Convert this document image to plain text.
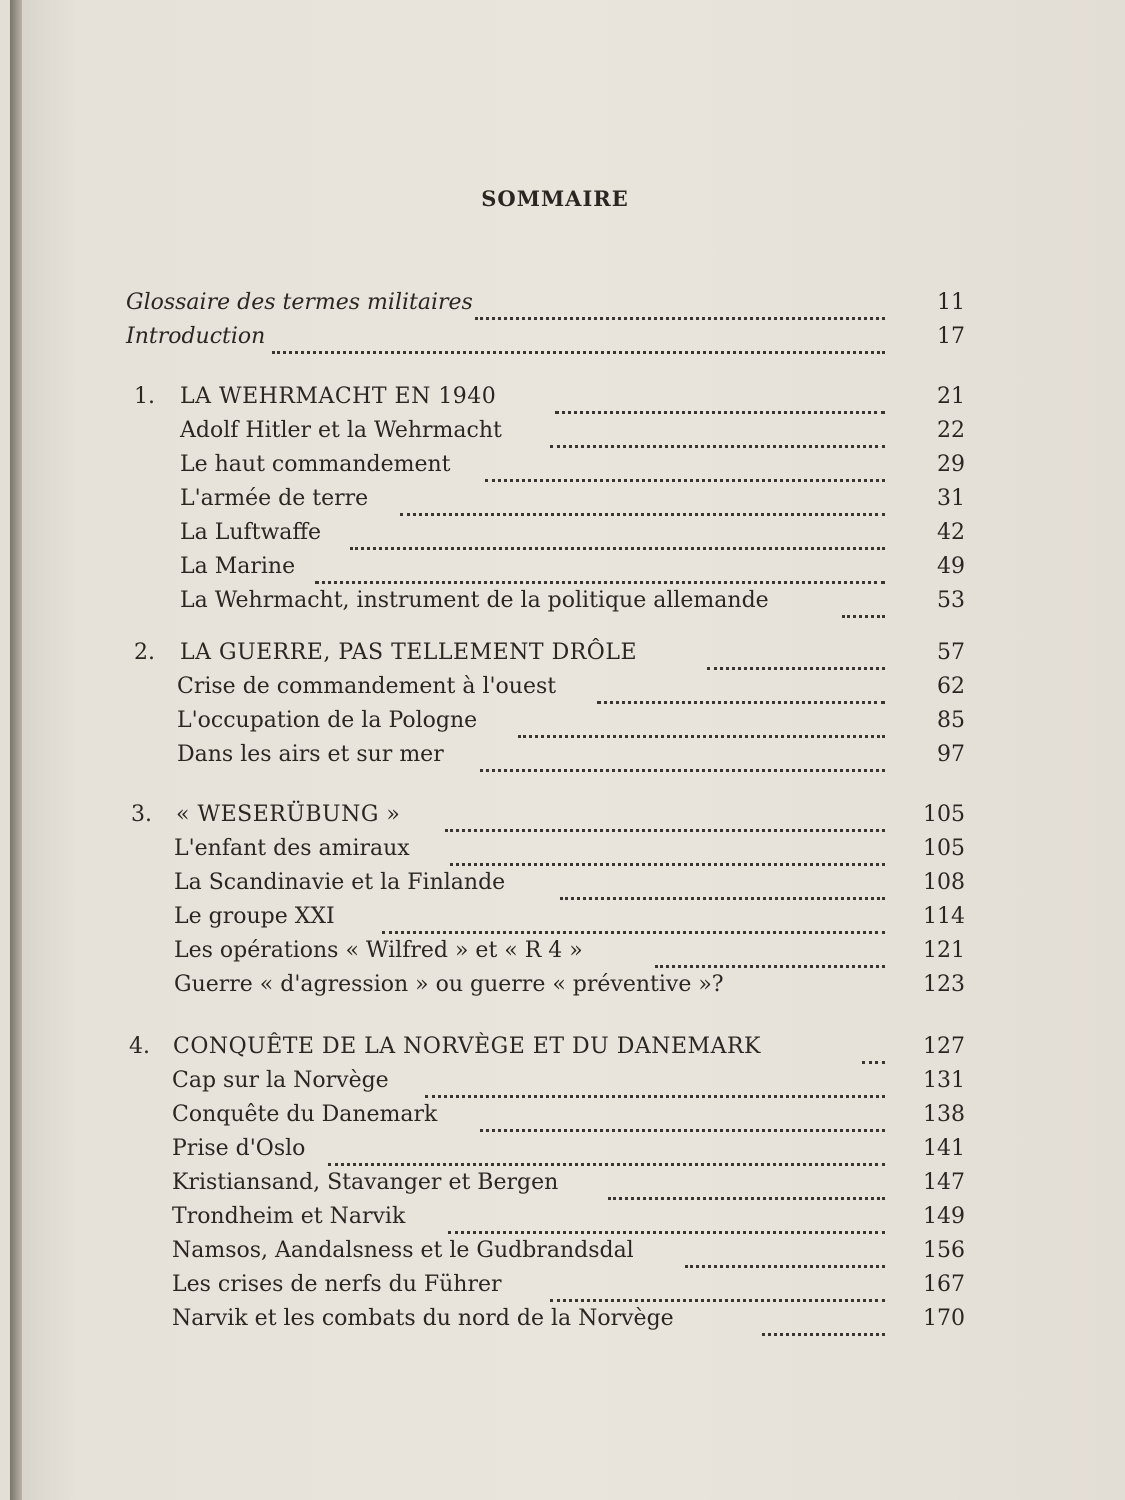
SOMMAIRE
Glossaire des termes militaires	11
Introduction	17
1. LA WEHRMACHT EN 1940	21
Adolf Hitler et la Wehrmacht	22
Le haut commandement	29
L'armée de terre	31
La Luftwaffe	42
La Marine	49
La Wehrmacht, instrument de la politique allemande	53
2. LA GUERRE, PAS TELLEMENT DRÔLE	57
Crise de commandement à l'ouest	62
L'occupation de la Pologne	85
Dans les airs et sur mer	97
3. « WESERÜBUNG »	105
L'enfant des amiraux	105
La Scandinavie et la Finlande	108
Le groupe XXI	114
Les opérations « Wilfred » et « R 4 »	121
Guerre « d'agression » ou guerre « préventive »?	123
4. CONQUÊTE DE LA NORVÈGE ET DU DANEMARK	127
Cap sur la Norvège	131
Conquête du Danemark	138
Prise d'Oslo	141
Kristiansand, Stavanger et Bergen	147
Trondheim et Narvik	149
Namsos, Aandalsness et le Gudbrandsdal	156
Les crises de nerfs du Führer	167
Narvik et les combats du nord de la Norvège	170
